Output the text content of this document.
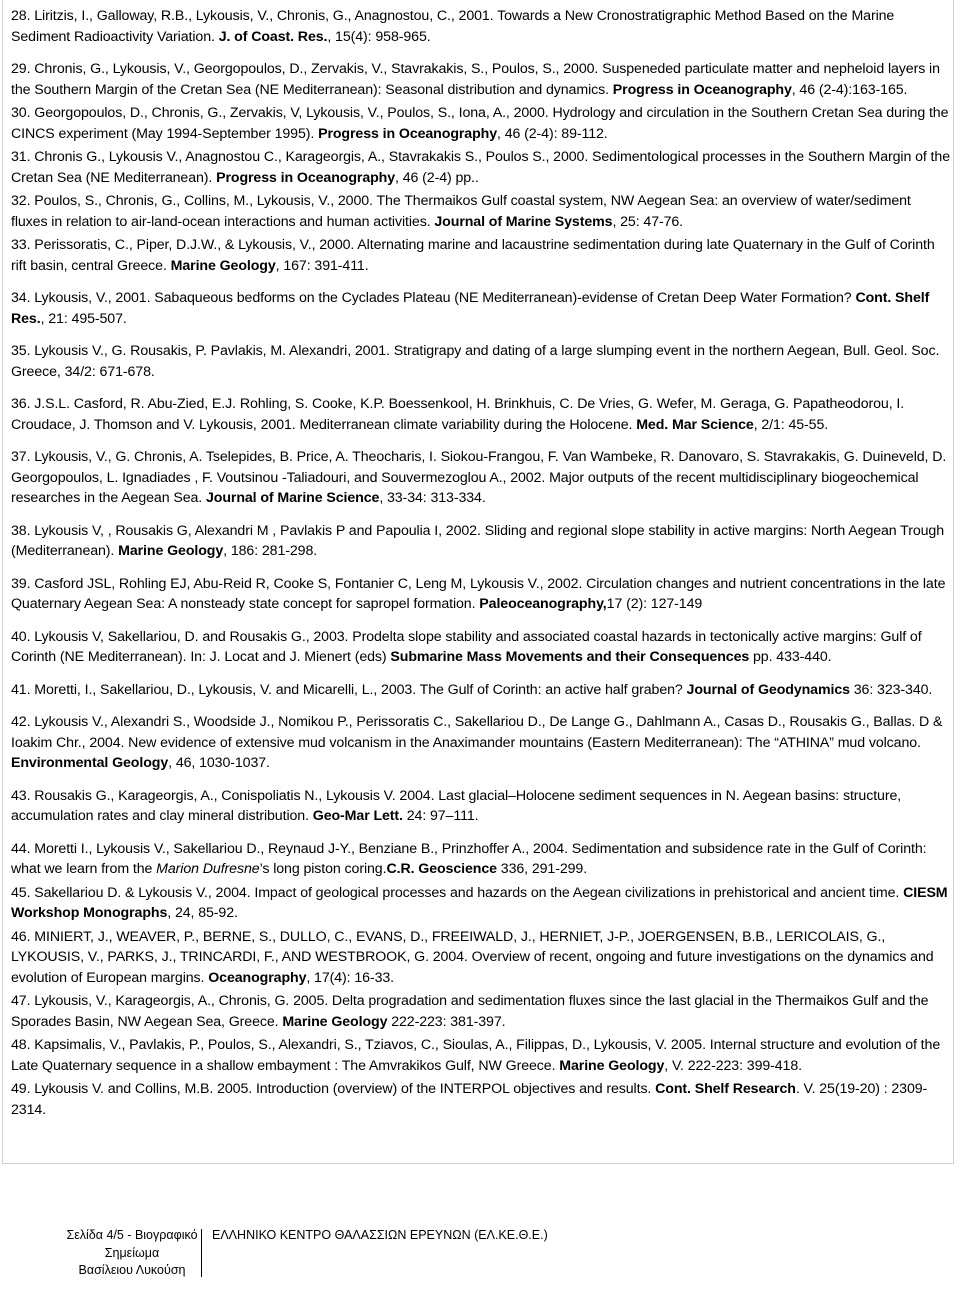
28. Liritzis, I., Galloway, R.B., Lykousis, V., Chronis, G., Anagnostou, C., 2001. Towards a New Cronostratigraphic Method Based on the Marine Sediment Radioactivity Variation. J. of Coast. Res., 15(4): 958-965.
29. Chronis, G., Lykousis, V., Georgopoulos, D., Zervakis, V., Stavrakakis, S., Poulos, S., 2000. Suspeneded particulate matter and nepheloid layers in the Southern Margin of the Cretan Sea (NE Mediterranean): Seasonal distribution and dynamics. Progress in Oceanography, 46 (2-4):163-165.
30. Georgopoulos, D., Chronis, G., Zervakis, V, Lykousis, V., Poulos, S., Iona, A., 2000. Hydrology and circulation in the Southern Cretan Sea during the CINCS experiment (May 1994-September 1995). Progress in Oceanography, 46 (2-4): 89-112.
31. Chronis G., Lykousis V., Anagnostou C., Karageorgis, A., Stavrakakis S., Poulos S., 2000. Sedimentological processes in the Southern Margin of the Cretan Sea (NE Mediterranean). Progress in Oceanography, 46 (2-4) pp..
32. Poulos, S., Chronis, G., Collins, M., Lykousis, V., 2000. The Thermaikos Gulf coastal system, NW Aegean Sea: an overview of water/sediment fluxes in relation to air-land-ocean interactions and human activities. Journal of Marine Systems, 25: 47-76.
33. Perissoratis, C., Piper, D.J.W., & Lykousis, V., 2000. Alternating marine and lacaustrine sedimentation during late Quaternary in the Gulf of Corinth rift basin, central Greece. Marine Geology, 167: 391-411.
34. Lykousis, V., 2001. Sabaqueous bedforms on the Cyclades Plateau (NE Mediterranean)-evidense of Cretan Deep Water Formation? Cont. Shelf Res., 21: 495-507.
35. Lykousis V., G. Rousakis, P. Pavlakis, M. Alexandri, 2001. Stratigrapy and dating of a large slumping event in the northern Aegean, Bull. Geol. Soc. Greece, 34/2: 671-678.
36. J.S.L. Casford, R. Abu-Zied, E.J. Rohling, S. Cooke, K.P. Boessenkool, H. Brinkhuis, C. De Vries, G. Wefer, M. Geraga, G. Papatheodorou, I. Croudace, J. Thomson and V. Lykousis, 2001. Mediterranean climate variability during the Holocene. Med. Mar Science, 2/1: 45-55.
37. Lykousis, V., G. Chronis, A. Tselepides, B. Price, A. Theocharis, I. Siokou-Frangou, F. Van Wambeke, R. Danovaro, S. Stavrakakis, G. Duineveld, D. Georgopoulos, L. Ignadiades , F. Voutsinou -Taliadouri, and Souvermezoglou A., 2002. Major outputs of the recent multidisciplinary biogeochemical researches in the Aegean Sea. Journal of Marine Science, 33-34: 313-334.
38. Lykousis V, , Rousakis G, Alexandri M , Pavlakis P and Papoulia I, 2002. Sliding and regional slope stability in active margins: North Aegean Trough (Mediterranean). Marine Geology, 186: 281-298.
39. Casford JSL, Rohling EJ, Abu-Reid R, Cooke S, Fontanier C, Leng M, Lykousis V., 2002. Circulation changes and nutrient concentrations in the late Quaternary Aegean Sea: A nonsteady state concept for sapropel formation. Paleoceanography,17 (2): 127-149
40. Lykousis V, Sakellariou, D. and Rousakis G., 2003. Prodelta slope stability and associated coastal hazards in tectonically active margins: Gulf of Corinth (NE Mediterranean). In: J. Locat and J. Mienert (eds) Submarine Mass Movements and their Consequences pp. 433-440.
41. Moretti, I., Sakellariou, D., Lykousis, V. and Micarelli, L., 2003. The Gulf of Corinth: an active half graben? Journal of Geodynamics 36: 323-340.
42. Lykousis V., Alexandri S., Woodside J., Nomikou P., Perissoratis C., Sakellariou D., De Lange G., Dahlmann A., Casas D., Rousakis G., Ballas. D & Ioakim Chr., 2004. New evidence of extensive mud volcanism in the Anaximander mountains (Eastern Mediterranean): The “ATHINA” mud volcano. Environmental Geology, 46, 1030-1037.
43. Rousakis G., Karageorgis, A., Conispoliatis N., Lykousis V. 2004. Last glacial–Holocene sediment sequences in N. Aegean basins: structure, accumulation rates and clay mineral distribution. Geo-Mar Lett. 24: 97–111.
44. Moretti I., Lykousis V., Sakellariou D., Reynaud J-Y., Benziane B., Prinzhoffer A., 2004. Sedimentation and subsidence rate in the Gulf of Corinth: what we learn from the Marion Dufresne’s long piston coring.C.R. Geoscience 336, 291-299.
45. Sakellariou D. & Lykousis V., 2004. Impact of geological processes and hazards on the Aegean civilizations in prehistorical and ancient time. CIESM Workshop Monographs, 24, 85-92.
46. MINIERT, J., WEAVER, P., BERNE, S., DULLO, C., EVANS, D., FREEIWALD, J., HERNIET, J-P., JOERGENSEN, B.B., LERICOLAIS, G., LYKOUSIS, V., PARKS, J., TRINCARDI, F., AND WESTBROOK, G. 2004. Overview of recent, ongoing and future investigations on the dynamics and evolution of European margins. Oceanography, 17(4): 16-33.
47. Lykousis, V., Karageorgis, A., Chronis, G. 2005. Delta progradation and sedimentation fluxes since the last glacial in the Thermaikos Gulf and the Sporades Basin, NW Aegean Sea, Greece. Marine Geology 222-223: 381-397.
48. Kapsimalis, V., Pavlakis, P., Poulos, S., Alexandri, S., Tziavos, C., Sioulas, A., Filippas, D., Lykousis, V. 2005. Internal structure and evolution of the Late Quaternary sequence in a shallow embayment : The Amvrakikos Gulf, NW Greece. Marine Geology, V. 222-223: 399-418.
49. Lykousis V. and Collins, M.B. 2005. Introduction (overview) of the INTERPOL objectives and results. Cont. Shelf Research. V. 25(19-20) : 2309-2314.
Σελίδα 4/5 - Βιογραφικό
Σημείωμα
Βασίλειου Λυκούση
ΕΛΛΗΝΙΚΟ ΚΕΝΤΡΟ ΘΑΛΑΣΣΙΩΝ ΕΡΕΥΝΩΝ (ΕΛ.ΚΕ.Θ.Ε.)
